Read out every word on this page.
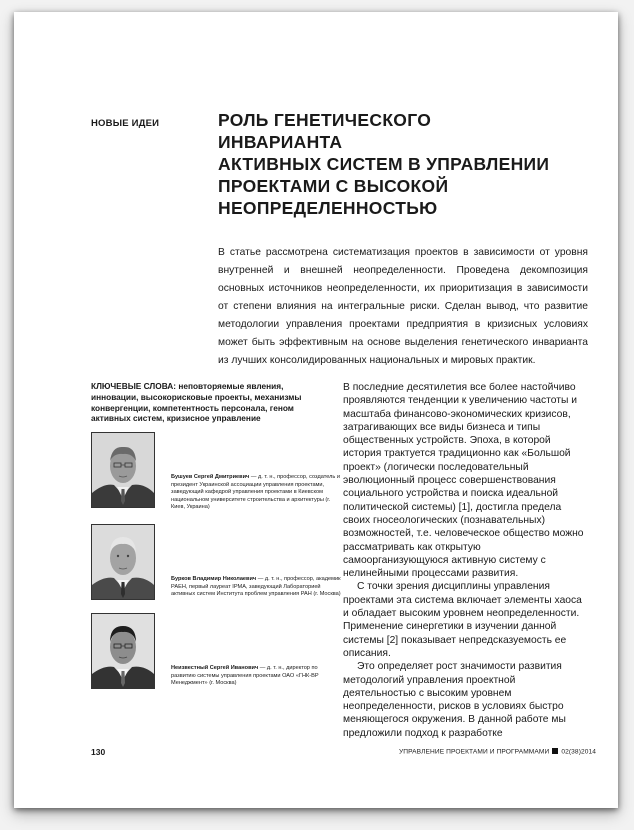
НОВЫЕ ИДЕИ	РОЛЬ ГЕНЕТИЧЕСКОГО ИНВАРИАНТА
АКТИВНЫХ СИСТЕМ В УПРАВЛЕНИИ
ПРОЕКТАМИ С ВЫСОКОЙ
НЕОПРЕДЕЛЕННОСТЬЮ
В статье рассмотрена систематизация проектов в зависимости от уровня внутренней и внешней неопределенности. Проведена декомпозиция основных источников неопределенности, их приоритизация в зависимости от степени влияния на интегральные риски. Сделан вывод, что развитие методологии управления проектами предприятия в кризисных условиях может быть эффективным на основе выделения генетического инварианта из лучших консолидированных национальных и мировых практик.

КЛЮЧЕВЫЕ СЛОВА: неповторяемые явления, инновации, высокорисковые проекты, механизмы конвергенции, компетентность персонала, геном активных систем, кризисное управление

Бушуев Сергей Дмитриевич — д. т. н., профессор, создатель и президент Украинской ассоциации управления проектами, заведующий кафедрой управления проектами в Киевском национальном университете строительства и архитектуры (г. Киев, Украина)
Бурков Владимир Николаевич — д. т. н., профессор, академик РАЕН, первый лауреат IPMA, заведующий Лабораторией активных систем Института проблем управления РАН (г. Москва)
Неизвестный Сергей Иванович — д. т. н., директор по развитию системы управления проектами ОАО «ГНК-ВР Менеджмент» (г. Москва)

В последние десятилетия все более настойчиво проявляются тенденции к увеличению частоты и масштаба финансово-экономических кризисов, затрагивающих все виды бизнеса и типы общественных устройств. Эпоха, в которой история трактуется традиционно как «Большой проект» (логически последовательный эволюционный процесс совершенствования социального устройства и поиска идеальной политической системы) [1], достигла предела своих гносеологических (познавательных) возможностей, т.е. человеческое общество можно рассматривать как открытую самоорганизующуюся активную систему с нелинейными процессами развития.

С точки зрения дисциплины управления проектами эта система включает элементы хаоса и обладает высоким уровнем неопределенности. Применение синергетики в изучении данной системы [2] показывает непредсказуемость ее описания.

Это определяет рост значимости развития методологий управления проектной деятельностью с высоким уровнем неопределенности, рисков в условиях быстро меняющегося окружения. В данной работе мы предложили подход к разработке

130	УПРАВЛЕНИЕ ПРОЕКТАМИ И ПРОГРАММАМИ 02(38)2014
